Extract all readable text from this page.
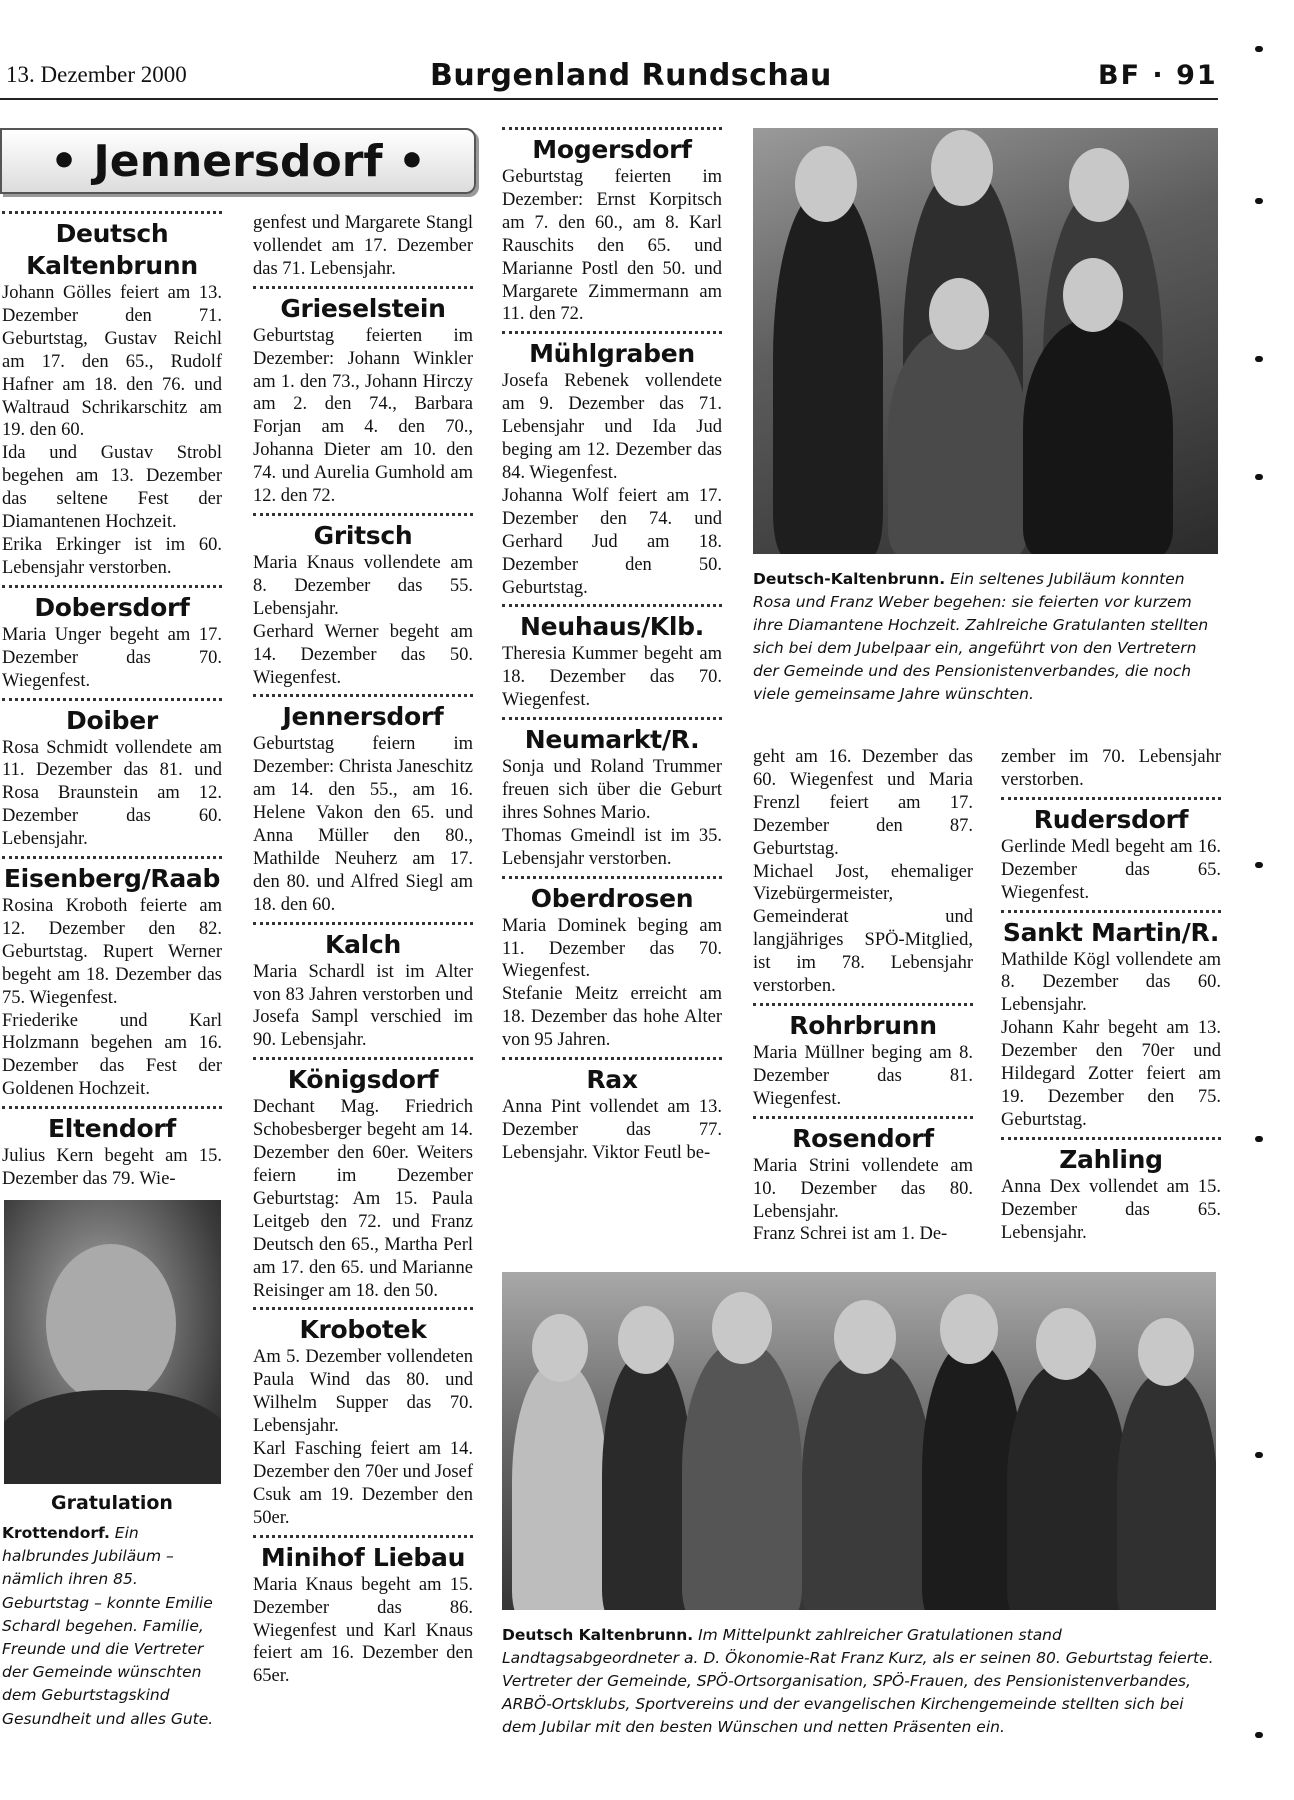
13. Dezember 2000	Burgenland Rundschau	BF · 91
• Jennersdorf •
Deutsch Kaltenbrunn

Johann Gölles feiert am 13. Dezember den 71. Geburtstag, Gustav Reichl am 17. den 65., Rudolf Hafner am 18. den 76. und Waltraud Schrikarschitz am 19. den 60.

Ida und Gustav Strobl begehen am 13. Dezember das seltene Fest der Diamantenen Hochzeit.

Erika Erkinger ist im 60. Lebensjahr verstorben.

Dobersdorf

Maria Unger begeht am 17. Dezember das 70. Wiegenfest.

Doiber

Rosa Schmidt vollendete am 11. Dezember das 81. und Rosa Braunstein am 12. Dezember das 60. Lebensjahr.

Eisenberg/Raab

Rosina Kroboth feierte am 12. Dezember den 82. Geburtstag. Rupert Werner begeht am 18. Dezember das 75. Wiegenfest.

Friederike und Karl Holzmann begehen am 16. Dezember das Fest der Goldenen Hochzeit.

Eltendorf

Julius Kern begeht am 15. Dezember das 79. Wie-

genfest und Margarete Stangl vollendet am 17. Dezember das 71. Lebensjahr.

Grieselstein

Geburtstag feierten im Dezember: Johann Winkler am 1. den 73., Johann Hirczy am 2. den 74., Barbara Forjan am 4. den 70., Johanna Dieter am 10. den 74. und Aurelia Gumhold am 12. den 72.

Gritsch

Maria Knaus vollendete am 8. Dezember das 55. Lebensjahr.

Gerhard Werner begeht am 14. Dezember das 50. Wiegenfest.

Jennersdorf

Geburtstag feiern im Dezember: Christa Janeschitz am 14. den 55., am 16. Helene Vakon den 65. und Anna Müller den 80., Mathilde Neuherz am 17. den 80. und Alfred Siegl am 18. den 60.

Kalch

Maria Schardl ist im Alter von 83 Jahren verstorben und Josefa Sampl verschied im 90. Lebensjahr.

Königsdorf

Dechant Mag. Friedrich Schobesberger begeht am 14. Dezember den 60er. Weiters feiern im Dezember Geburtstag: Am 15. Paula Leitgeb den 72. und Franz Deutsch den 65., Martha Perl am 17. den 65. und Marianne Reisinger am 18. den 50.

Krobotek

Am 5. Dezember vollendeten Paula Wind das 80. und Wilhelm Supper das 70. Lebensjahr.

Karl Fasching feiert am 14. Dezember den 70er und Josef Csuk am 19. Dezember den 50er.

Minihof Liebau

Maria Knaus begeht am 15. Dezember das 86. Wiegenfest und Karl Knaus feiert am 16. Dezember den 65er.

Mogersdorf

Geburtstag feierten im Dezember: Ernst Korpitsch am 7. den 60., am 8. Karl Rauschits den 65. und Marianne Postl den 50. und Margarete Zimmermann am 11. den 72.

Mühlgraben

Josefa Rebenek vollendete am 9. Dezember das 71. Lebensjahr und Ida Jud beging am 12. Dezember das 84. Wiegenfest.

Johanna Wolf feiert am 17. Dezember den 74. und Gerhard Jud am 18. Dezember den 50. Geburtstag.

Neuhaus/Klb.

Theresia Kummer begeht am 18. Dezember das 70. Wiegenfest.

Neumarkt/R.

Sonja und Roland Trummer freuen sich über die Geburt ihres Sohnes Mario.

Thomas Gmeindl ist im 35. Lebensjahr verstorben.

Oberdrosen

Maria Dominek beging am 11. Dezember das 70. Wiegenfest.

Stefanie Meitz erreicht am 18. Dezember das hohe Alter von 95 Jahren.

Rax

Anna Pint vollendet am 13. Dezember das 77. Lebensjahr. Viktor Feutl be-

geht am 16. Dezember das 60. Wiegenfest und Maria Frenzl feiert am 17. Dezember den 87. Geburtstag.

Michael Jost, ehemaliger Vizebürgermeister, Gemeinderat und langjähriges SPÖ-Mitglied, ist im 78. Lebensjahr verstorben.

Rohrbrunn

Maria Müllner beging am 8. Dezember das 81. Wiegenfest.

Rosendorf

Maria Strini vollendete am 10. Dezember das 80. Lebensjahr.

Franz Schrei ist am 1. De-

zember im 70. Lebensjahr verstorben.

Rudersdorf

Gerlinde Medl begeht am 16. Dezember das 65. Wiegenfest.

Sankt Martin/R.

Mathilde Kögl vollendete am 8. Dezember das 60. Lebensjahr.

Johann Kahr begeht am 13. Dezember den 70er und Hildegard Zotter feiert am 19. Dezember den 75. Geburtstag.

Zahling

Anna Dex vollendet am 15. Dezember das 65. Lebensjahr.

Deutsch-Kaltenbrunn. Ein seltenes Jubiläum konnten Rosa und Franz Weber begehen: sie feierten vor kurzem ihre Diamantene Hochzeit. Zahlreiche Gratulanten stellten sich bei dem Jubelpaar ein, angeführt von den Vertretern der Gemeinde und des Pensionistenverbandes, die noch viele gemeinsame Jahre wünschten.
Gratulation
Krottendorf. Ein halbrundes Jubiläum – nämlich ihren 85. Geburtstag – konnte Emilie Schardl begehen. Familie, Freunde und die Vertreter der Gemeinde wünschten dem Geburtstagskind Gesundheit und alles Gute.
Deutsch Kaltenbrunn. Im Mittelpunkt zahlreicher Gratulationen stand Landtagsabgeordneter a. D. Ökonomie-Rat Franz Kurz, als er seinen 80. Geburtstag feierte. Vertreter der Gemeinde, SPÖ-Ortsorganisation, SPÖ-Frauen, des Pensionistenverbandes, ARBÖ-Ortsklubs, Sportvereins und der evangelischen Kirchengemeinde stellten sich bei dem Jubilar mit den besten Wünschen und netten Präsenten ein.
